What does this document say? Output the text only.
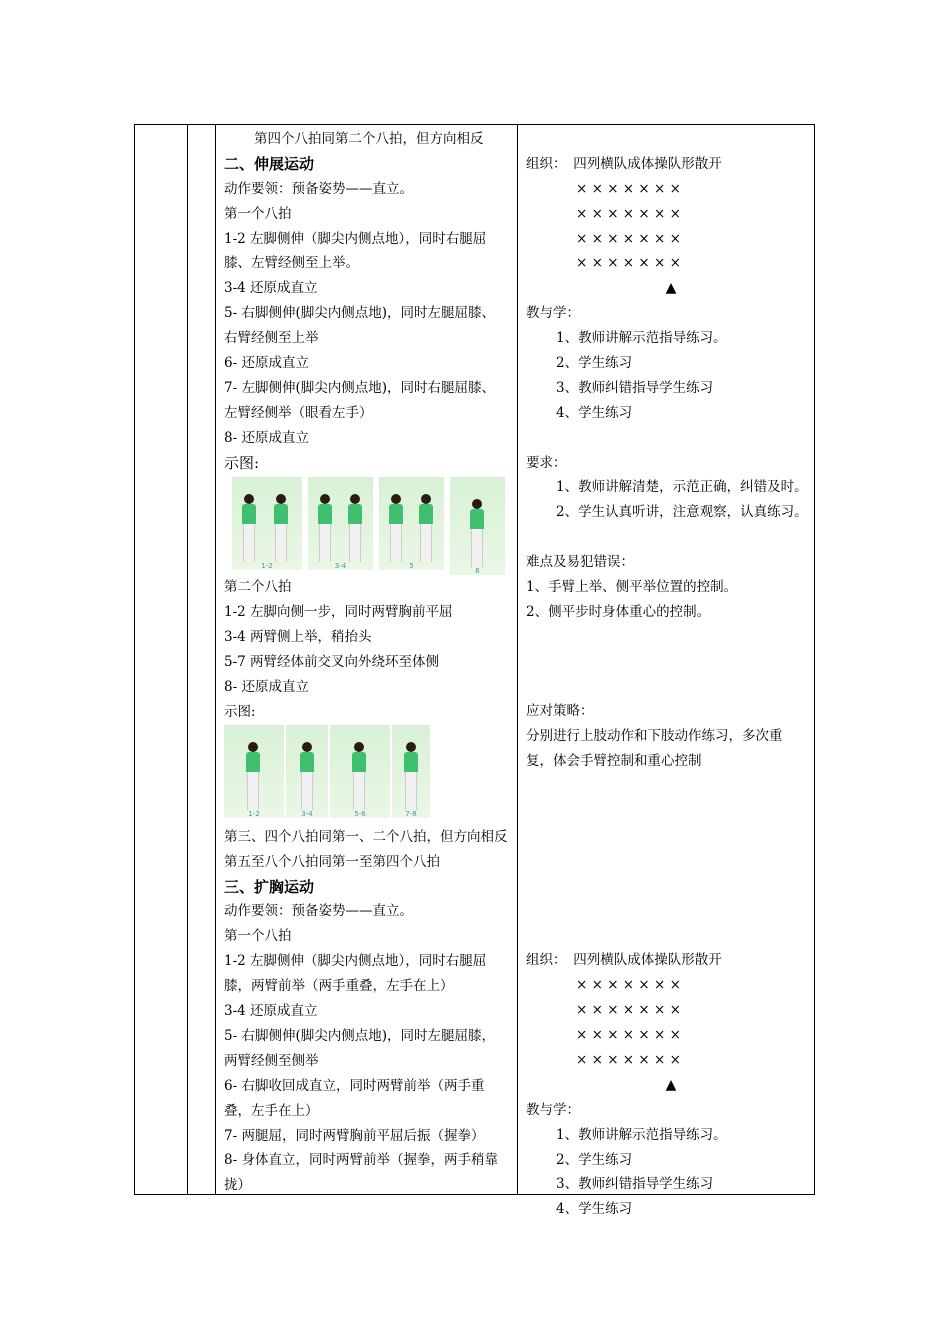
第四个八拍同第二个八拍，但方向相反
二、伸展运动
动作要领：预备姿势——直立。
第一个八拍
1-2 左脚侧伸（脚尖内侧点地），同时右腿屈
膝、左臂经侧至上举。
3-4 还原成直立
5- 右脚侧伸(脚尖内侧点地)，同时左腿屈膝、
右臂经侧至上举
6- 还原成直立
7- 左脚侧伸(脚尖内侧点地)，同时右腿屈膝、
左臂经侧举（眼看左手）
8- 还原成直立
示图:
1-2	3-4	5
6
第二个八拍
1-2 左脚向侧一步，同时两臂胸前平屈
3-4 两臂侧上举，稍抬头
5-7 两臂经体前交叉向外绕环至体侧
8- 还原成直立
示图:
1-2	3-4	5-6	7-8
第三、四个八拍同第一、二个八拍，但方向相反
第五至八个八拍同第一至第四个八拍
三、扩胸运动
动作要领：预备姿势——直立。
第一个八拍
1-2 左脚侧伸（脚尖内侧点地），同时右腿屈
膝，两臂前举（两手重叠，左手在上）
3-4 还原成直立
5- 右脚侧伸(脚尖内侧点地)，同时左腿屈膝，
两臂经侧至侧举
6- 右脚收回成直立，同时两臂前举（两手重
叠，左手在上）
7- 两腿屈，同时两臂胸前平屈后振（握拳）
8- 身体直立，同时两臂前举（握拳，两手稍靠
拢）
组织：　四列横队成体操队形散开
× × × × × × ×
× × × × × × ×
× × × × × × ×
× × × × × × ×
▲
教与学：
1、教师讲解示范指导练习。
2、学生练习
3、教师纠错指导学生练习
4、学生练习
要求：
1、教师讲解清楚，示范正确，纠错及时。
2、学生认真听讲，注意观察，认真练习。
难点及易犯错误：
1、手臂上举、侧平举位置的控制。
2、侧平步时身体重心的控制。
应对策略：
分别进行上肢动作和下肢动作练习，多次重
复，体会手臂控制和重心控制
组织：　四列横队成体操队形散开
× × × × × × ×
× × × × × × ×
× × × × × × ×
× × × × × × ×
▲
教与学：
1、教师讲解示范指导练习。
2、学生练习
3、教师纠错指导学生练习
4、学生练习
